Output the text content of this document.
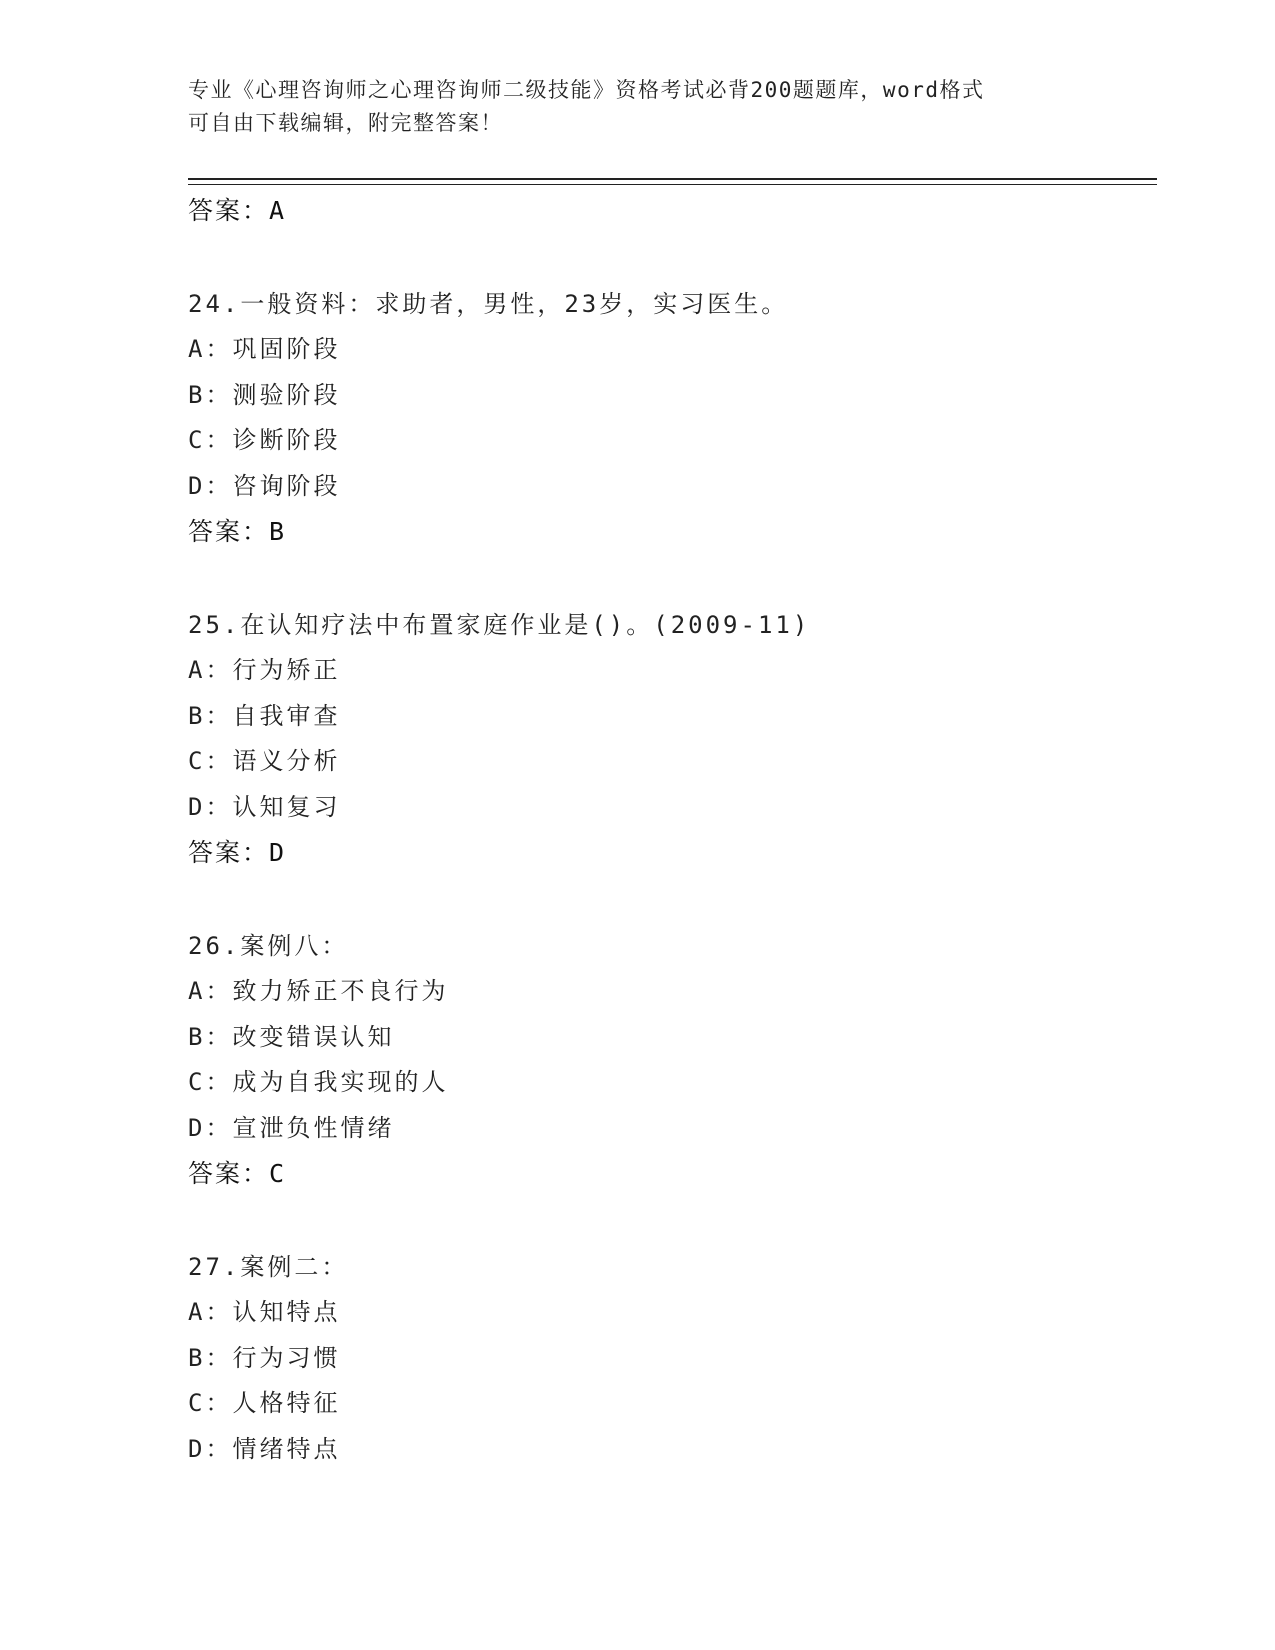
专业《心理咨询师之心理咨询师二级技能》资格考试必背200题题库，word格式
可自由下载编辑，附完整答案！
答案：A
24.一般资料：求助者，男性，23岁，实习医生。
A：巩固阶段
B：测验阶段
C：诊断阶段
D：咨询阶段
答案：B
25.在认知疗法中布置家庭作业是()。(2009-11)
A：行为矫正
B：自我审查
C：语义分析
D：认知复习
答案：D
26.案例八：
A：致力矫正不良行为
B：改变错误认知
C：成为自我实现的人
D：宣泄负性情绪
答案：C
27.案例二：
A：认知特点
B：行为习惯
C：人格特征
D：情绪特点
